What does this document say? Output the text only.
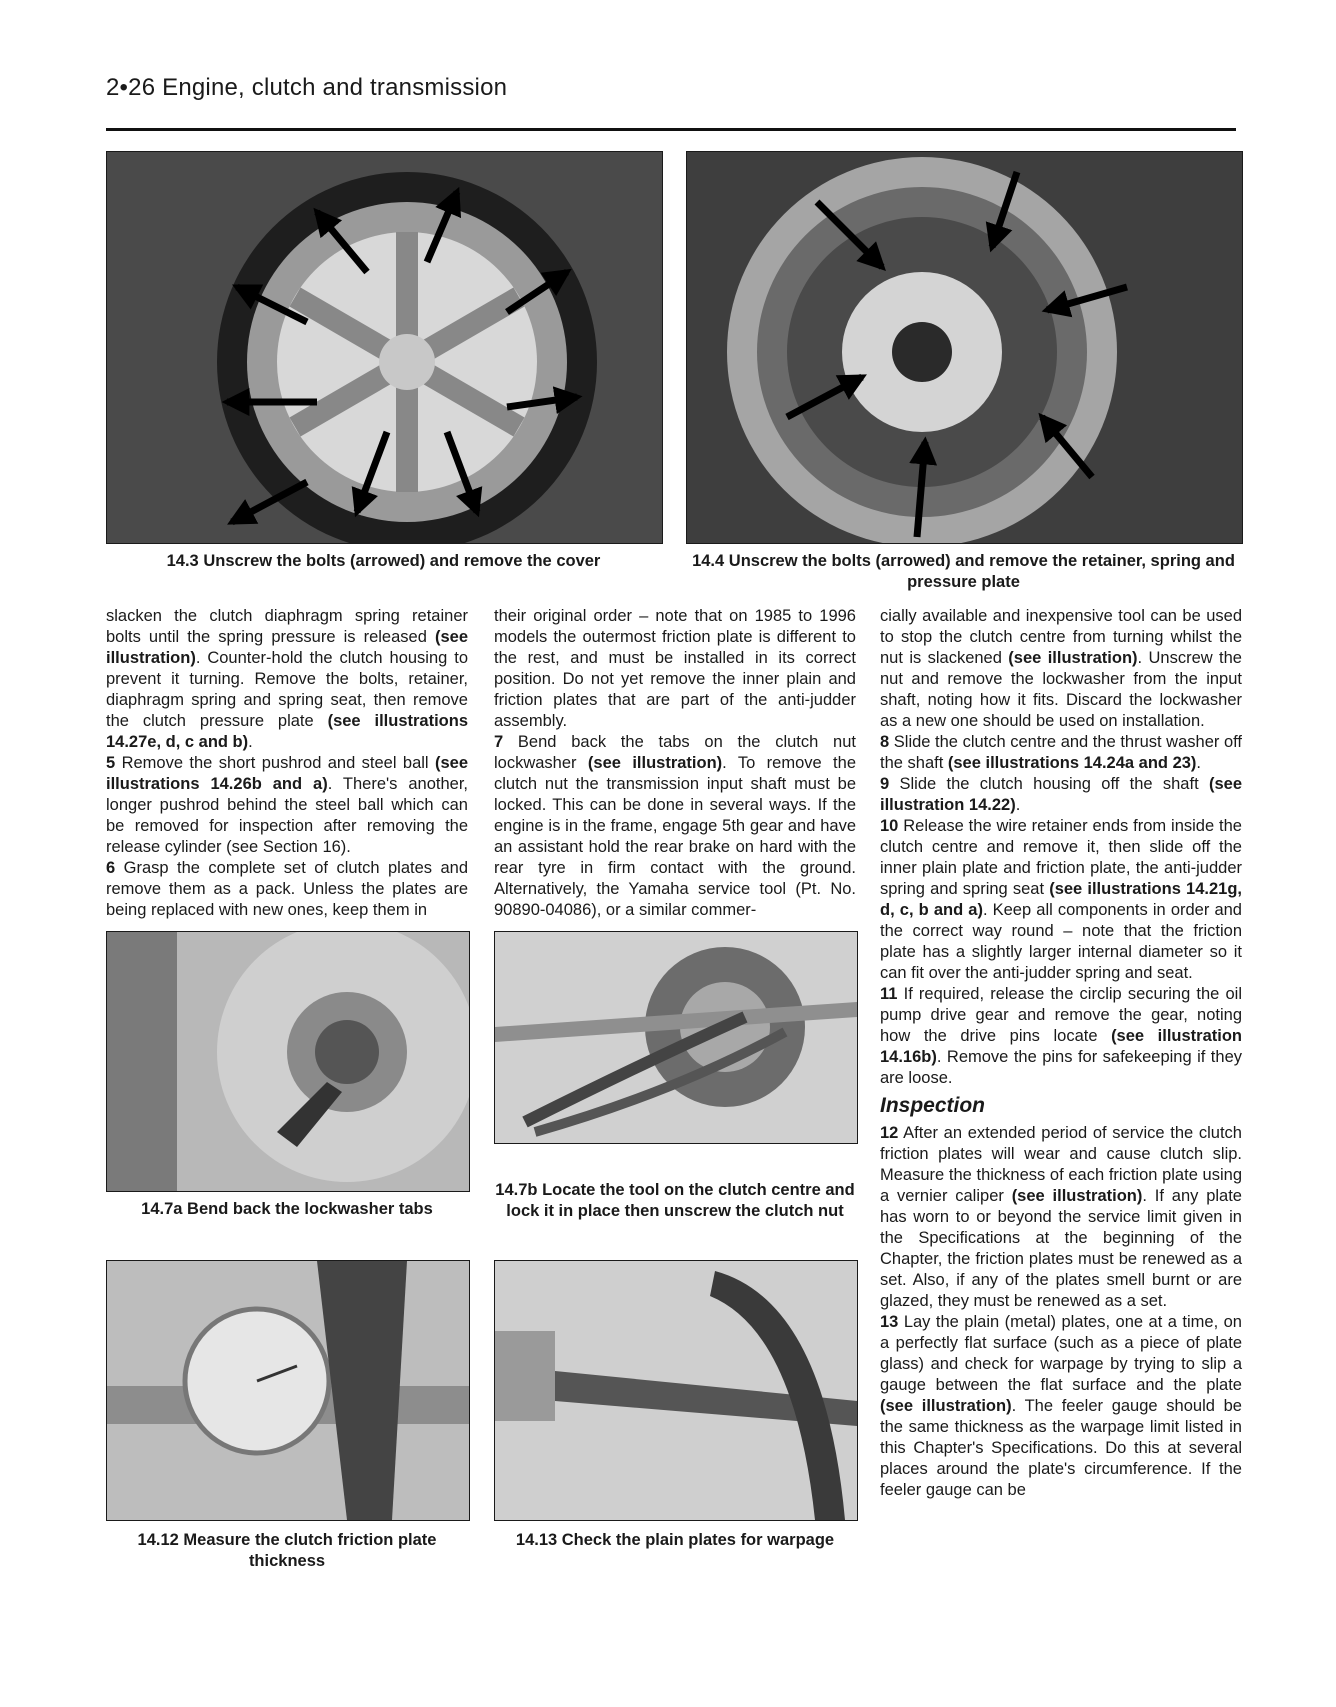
2•26 Engine, clutch and transmission
14.3 Unscrew the bolts (arrowed) and remove the cover	14.4 Unscrew the bolts (arrowed) and remove the retainer, spring and pressure plate

slacken the clutch diaphragm spring retainer bolts until the spring pressure is released (see illustration). Counter-hold the clutch housing to prevent it turning. Remove the bolts, retainer, diaphragm spring and spring seat, then remove the clutch pressure plate (see illustrations 14.27e, d, c and b).

5 Remove the short pushrod and steel ball (see illustrations 14.26b and a). There's another, longer pushrod behind the steel ball which can be removed for inspection after removing the release cylinder (see Section 16).

6 Grasp the complete set of clutch plates and remove them as a pack. Unless the plates are being replaced with new ones, keep them in

their original order – note that on 1985 to 1996 models the outermost friction plate is different to the rest, and must be installed in its correct position. Do not yet remove the inner plain and friction plates that are part of the anti-judder assembly.

7 Bend back the tabs on the clutch nut lockwasher (see illustration). To remove the clutch nut the transmission input shaft must be locked. This can be done in several ways. If the engine is in the frame, engage 5th gear and have an assistant hold the rear brake on hard with the rear tyre in firm contact with the ground. Alternatively, the Yamaha service tool (Pt. No. 90890-04086), or a similar commer-

cially available and inexpensive tool can be used to stop the clutch centre from turning whilst the nut is slackened (see illustration). Unscrew the nut and remove the lockwasher from the input shaft, noting how it fits. Discard the lockwasher as a new one should be used on installation.

8 Slide the clutch centre and the thrust washer off the shaft (see illustrations 14.24a and 23).

9 Slide the clutch housing off the shaft (see illustration 14.22).

10 Release the wire retainer ends from inside the clutch centre and remove it, then slide off the inner plain plate and friction plate, the anti-judder spring and spring seat (see illustrations 14.21g, d, c, b and a). Keep all components in order and the correct way round – note that the friction plate has a slightly larger internal diameter so it can fit over the anti-judder spring and seat.

11 If required, release the circlip securing the oil pump drive gear and remove the gear, noting how the drive pins locate (see illustration 14.16b). Remove the pins for safekeeping if they are loose.

Inspection

12 After an extended period of service the clutch friction plates will wear and cause clutch slip. Measure the thickness of each friction plate using a vernier caliper (see illustration). If any plate has worn to or beyond the service limit given in the Specifications at the beginning of the Chapter, the friction plates must be renewed as a set. Also, if any of the plates smell burnt or are glazed, they must be renewed as a set.

13 Lay the plain (metal) plates, one at a time, on a perfectly flat surface (such as a piece of plate glass) and check for warpage by trying to slip a gauge between the flat surface and the plate (see illustration). The feeler gauge should be the same thickness as the warpage limit listed in this Chapter's Specifications. Do this at several places around the plate's circumference. If the feeler gauge can be

14.7a Bend back the lockwasher tabs
14.7b Locate the tool on the clutch centre and lock it in place then unscrew the clutch nut
14.12 Measure the clutch friction plate thickness
14.13 Check the plain plates for warpage
